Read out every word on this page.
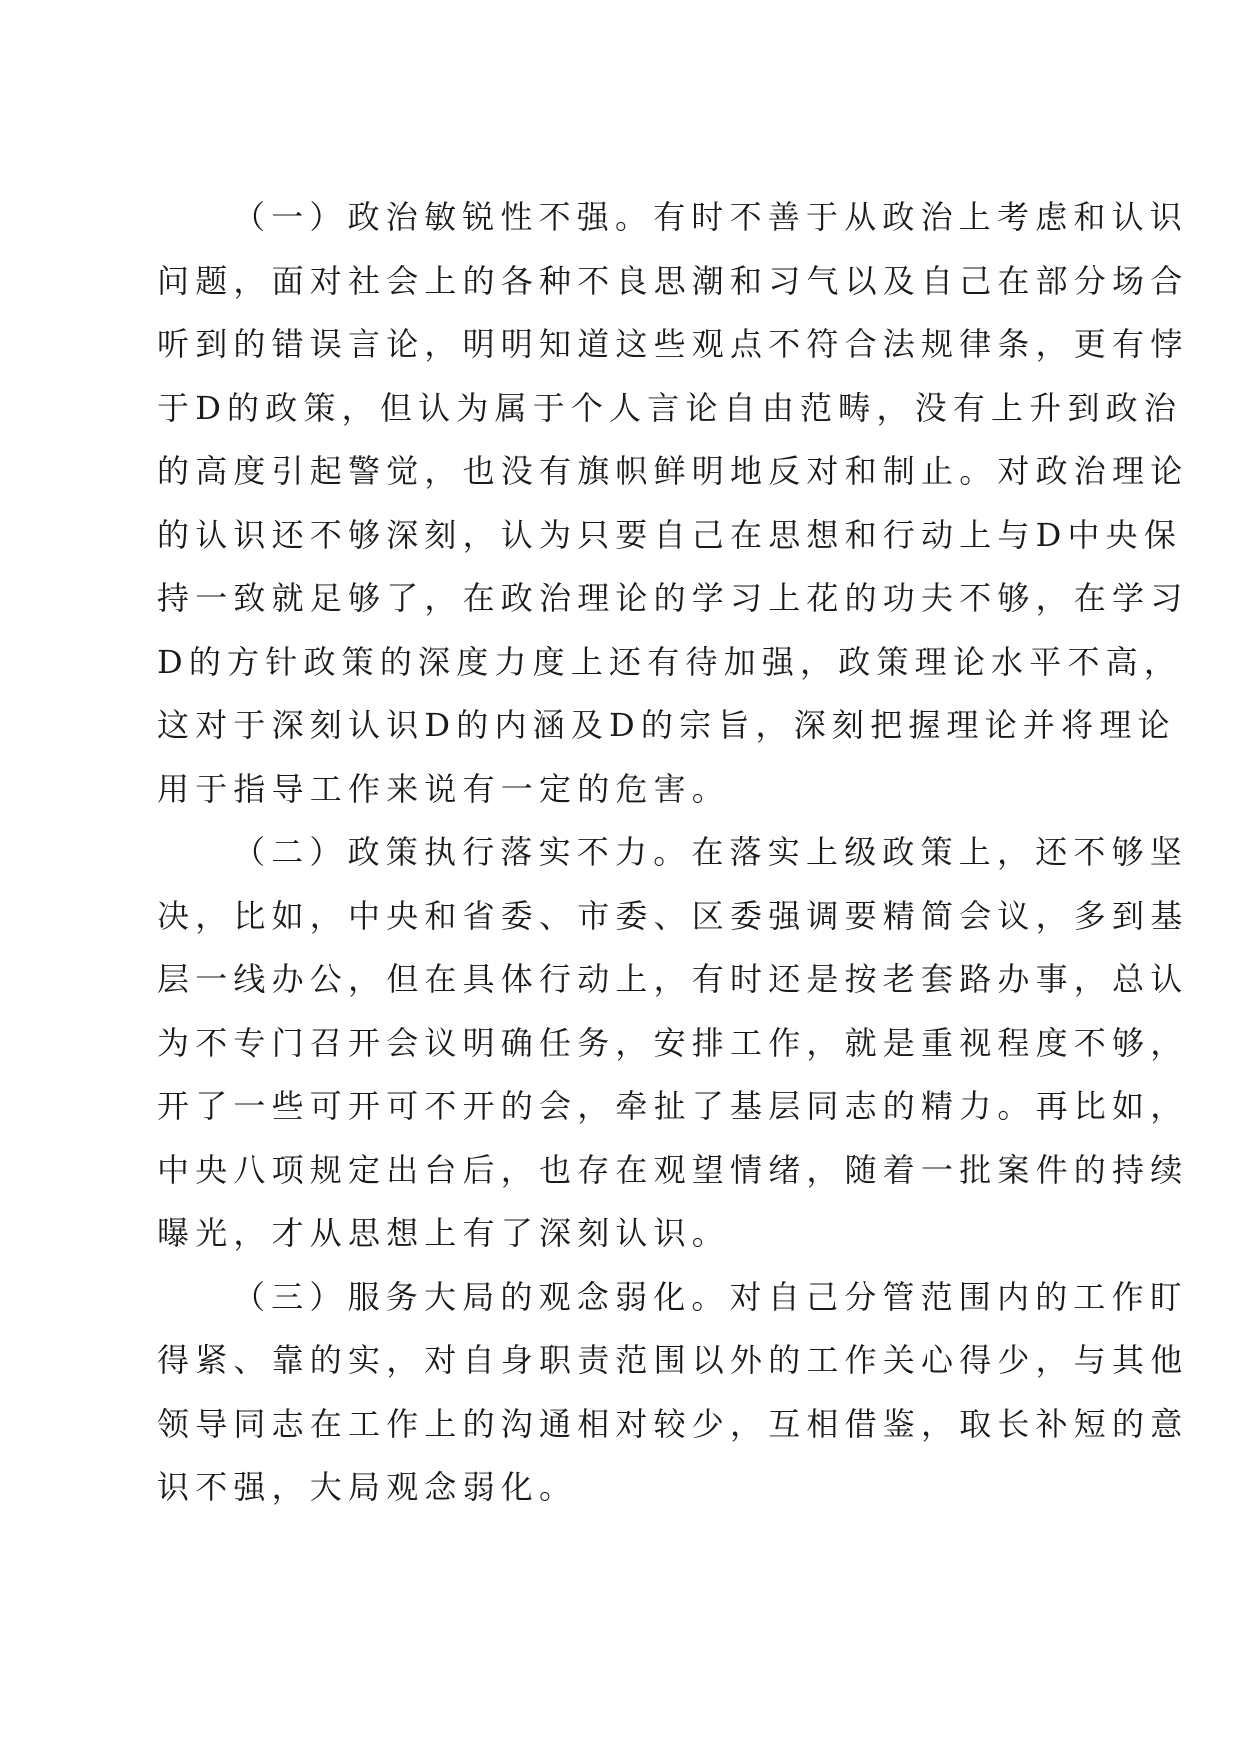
（一）政治敏锐性不强。有时不善于从政治上考虑和认识
问题，面对社会上的各种不良思潮和习气以及自己在部分场合
听到的错误言论，明明知道这些观点不符合法规律条，更有悖
于D的政策，但认为属于个人言论自由范畴，没有上升到政治
的高度引起警觉，也没有旗帜鲜明地反对和制止。对政治理论
的认识还不够深刻，认为只要自己在思想和行动上与D中央保
持一致就足够了，在政治理论的学习上花的功夫不够，在学习
D的方针政策的深度力度上还有待加强，政策理论水平不高，
这对于深刻认识D的内涵及D的宗旨，深刻把握理论并将理论
用于指导工作来说有一定的危害。
（二）政策执行落实不力。在落实上级政策上，还不够坚
决，比如，中央和省委、市委、区委强调要精简会议，多到基
层一线办公，但在具体行动上，有时还是按老套路办事，总认
为不专门召开会议明确任务，安排工作，就是重视程度不够，
开了一些可开可不开的会，牵扯了基层同志的精力。再比如，
中央八项规定出台后，也存在观望情绪，随着一批案件的持续
曝光，才从思想上有了深刻认识。
（三）服务大局的观念弱化。对自己分管范围内的工作盯
得紧、靠的实，对自身职责范围以外的工作关心得少，与其他
领导同志在工作上的沟通相对较少，互相借鉴，取长补短的意
识不强，大局观念弱化。
